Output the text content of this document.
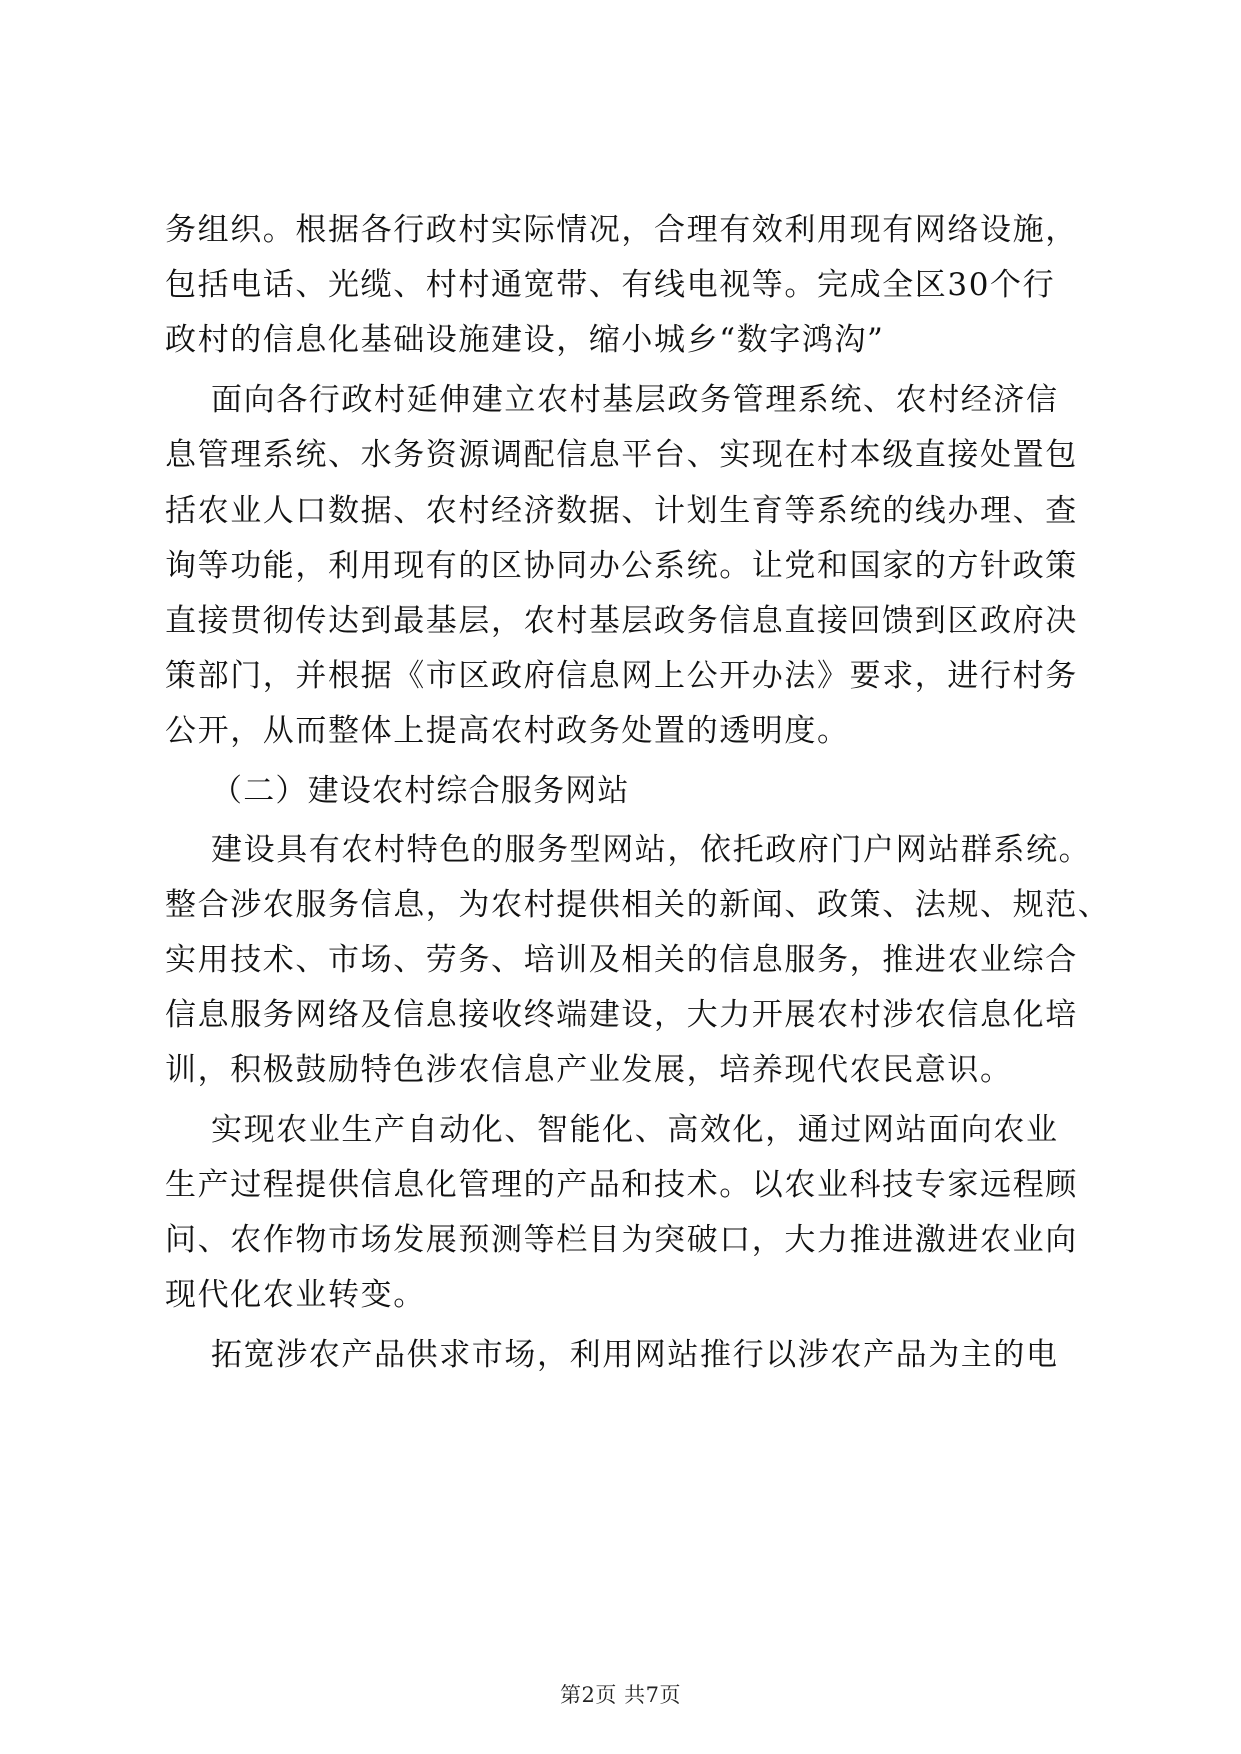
务组织。根据各行政村实际情况，合理有效利用现有网络设施，
包括电话、光缆、村村通宽带、有线电视等。完成全区30个行
政村的信息化基础设施建设，缩小城乡“数字鸿沟”
面向各行政村延伸建立农村基层政务管理系统、农村经济信
息管理系统、水务资源调配信息平台、实现在村本级直接处置包
括农业人口数据、农村经济数据、计划生育等系统的线办理、查
询等功能，利用现有的区协同办公系统。让党和国家的方针政策
直接贯彻传达到最基层，农村基层政务信息直接回馈到区政府决
策部门，并根据《市区政府信息网上公开办法》要求，进行村务
公开，从而整体上提高农村政务处置的透明度。
（二）建设农村综合服务网站
建设具有农村特色的服务型网站，依托政府门户网站群系统。
整合涉农服务信息，为农村提供相关的新闻、政策、法规、规范、
实用技术、市场、劳务、培训及相关的信息服务，推进农业综合
信息服务网络及信息接收终端建设，大力开展农村涉农信息化培
训，积极鼓励特色涉农信息产业发展，培养现代农民意识。
实现农业生产自动化、智能化、高效化，通过网站面向农业
生产过程提供信息化管理的产品和技术。以农业科技专家远程顾
问、农作物市场发展预测等栏目为突破口，大力推进激进农业向
现代化农业转变。
拓宽涉农产品供求市场，利用网站推行以涉农产品为主的电
第2页 共7页
